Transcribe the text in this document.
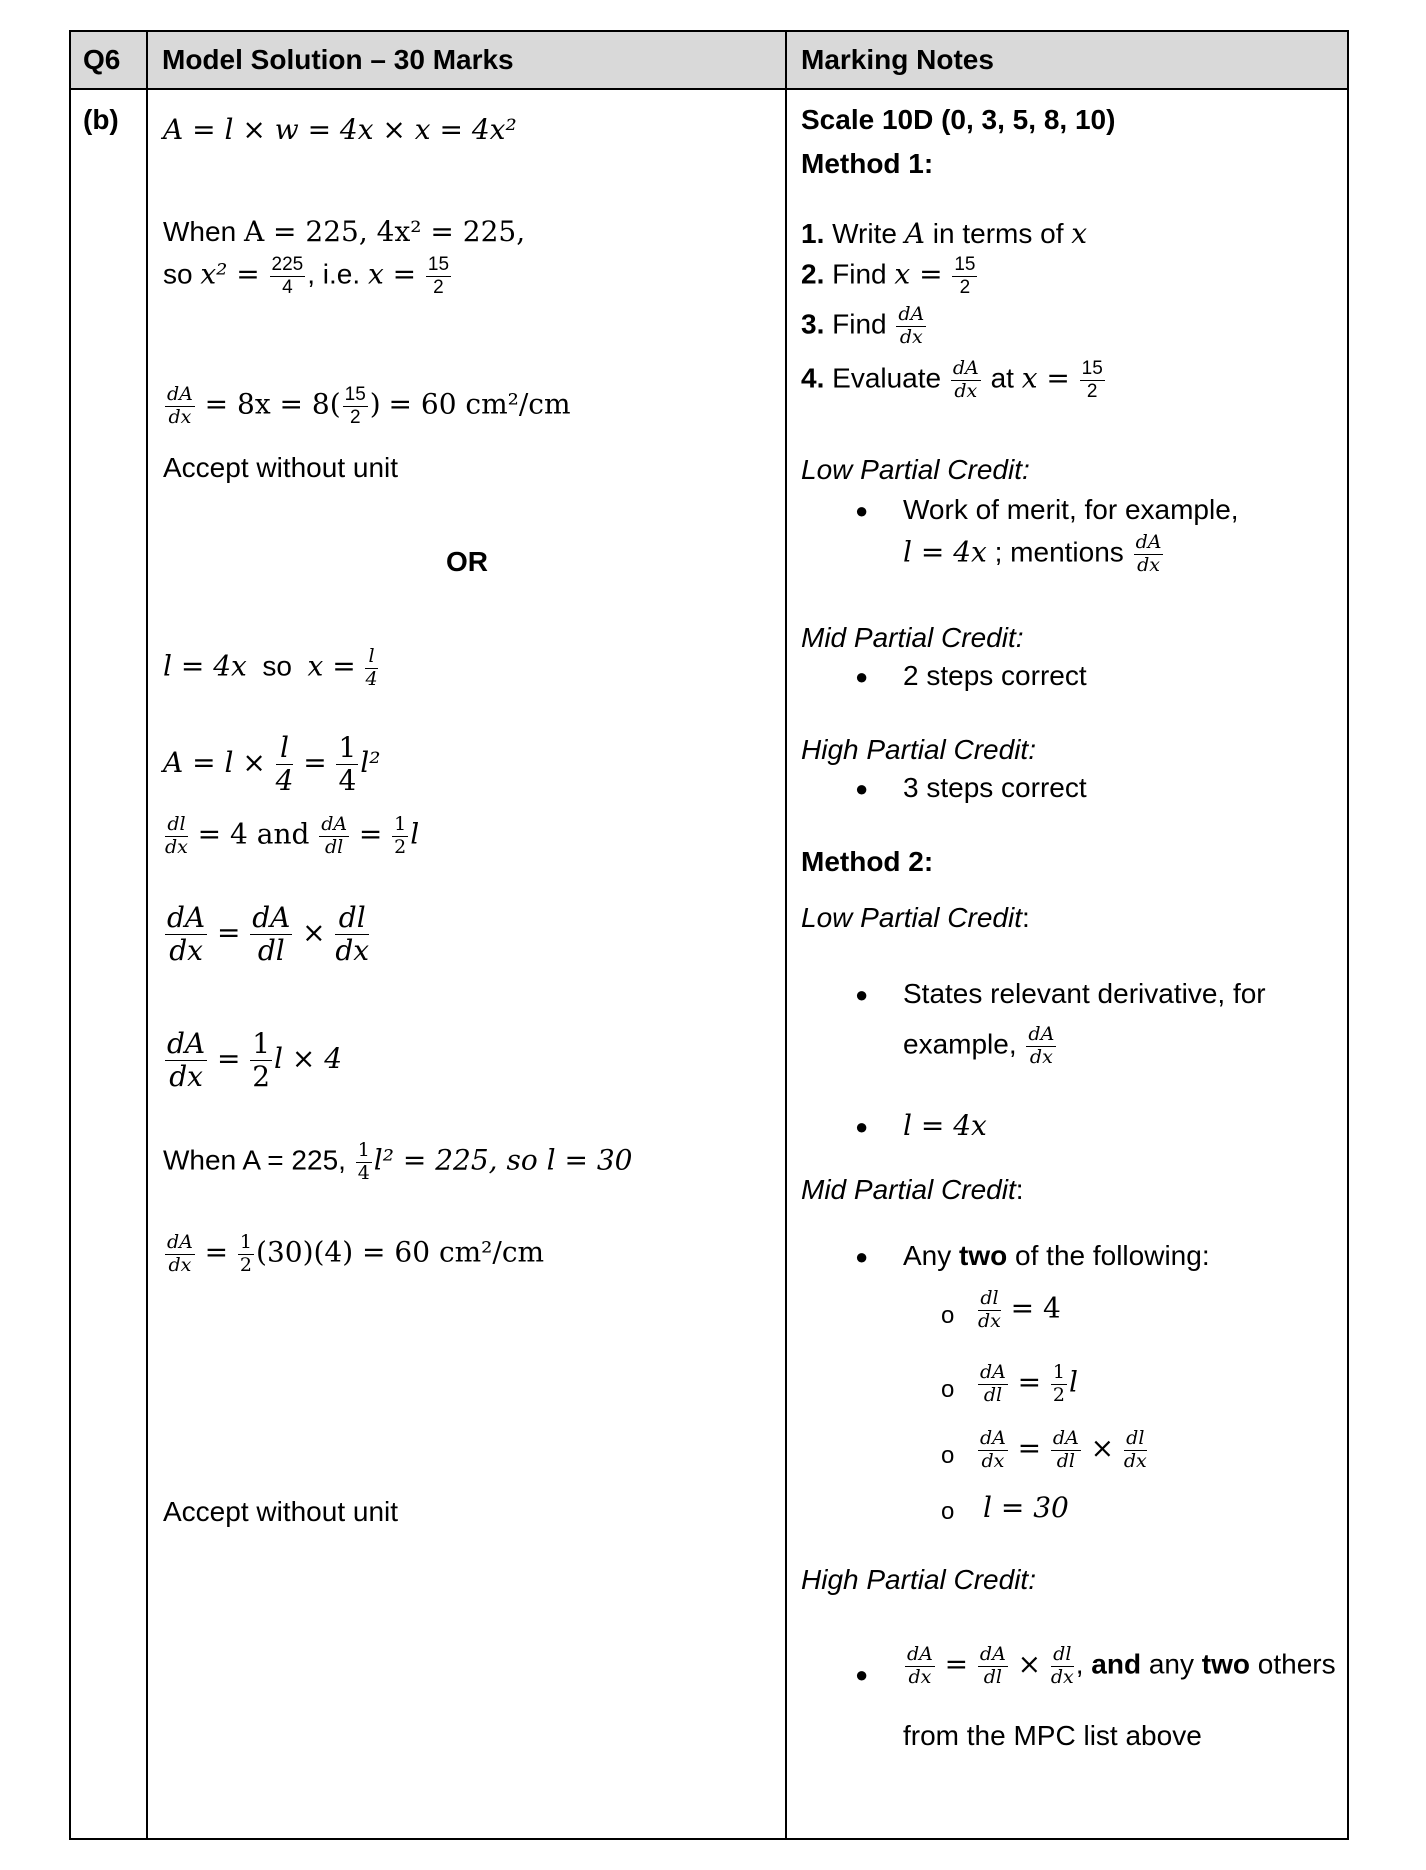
Q6 Model Solution – 30 Marks	Marking Notes
(b) A = l × w = 4x × x = 4x²
When A = 225, 4x² = 225,
so $x^2 = \frac{225}{4}$ , i.e. $x = \frac{15}{2}$
$\frac{dA}{dx} = 8x = 8( \frac{15}{2}$ ) = 60 cm²/cm
Accept without unit
OR
l = 4x so $x = \frac{l}{4}$
$A = l \times \frac{l}{4} = \frac{1}{4} l^2$
$\frac{dl}{dx} = 4$ and $\frac{dA}{dl} = \frac{1}{2}$ l
$\frac{dA}{dx} = \frac{dA}{dl} \times \frac{dl}{dx}$
$\frac{dA}{dx} = \frac{1}{2}$ l × 4
When A = 225, $\frac{1}{4} l^2 = 225$, so l = 30
$\frac{dA}{dx} = \frac{1}{2} (30)(4) = 60$ cm²/cm
Accept without unit
Scale 10D (0, 3, 5, 8, 10)
Method 1:
1. Write A in terms of x
2. Find $x = \frac{15}{2}$
3. Find $\frac{dA}{dx}$
4. Evaluate $\frac{dA}{dx}$ at $x = \frac{15}{2}$
Low Partial Credit:
● Work of merit, for example,
l = 4x ; mentions $\frac{dA}{dx}$
Mid Partial Credit:
● 2 steps correct
High Partial Credit:
● 3 steps correct
Method 2:
Low Partial Credit:
● States relevant derivative, for
example, $\frac{dA}{dx}$
● l = 4x
Mid Partial Credit:
● Any two of the following:
o $\frac{dl}{dx} = 4$
o $\frac{dA}{dl} = \frac{1}{2}$ l
o $\frac{dA}{dx} = \frac{dA}{dl} \times \frac{dl}{dx}$
o l = 30
High Partial Credit:
● $\frac{dA}{dx} = \frac{dA}{dl} \times \frac{dl}{dx}$ , and any two others
from the MPC list above
